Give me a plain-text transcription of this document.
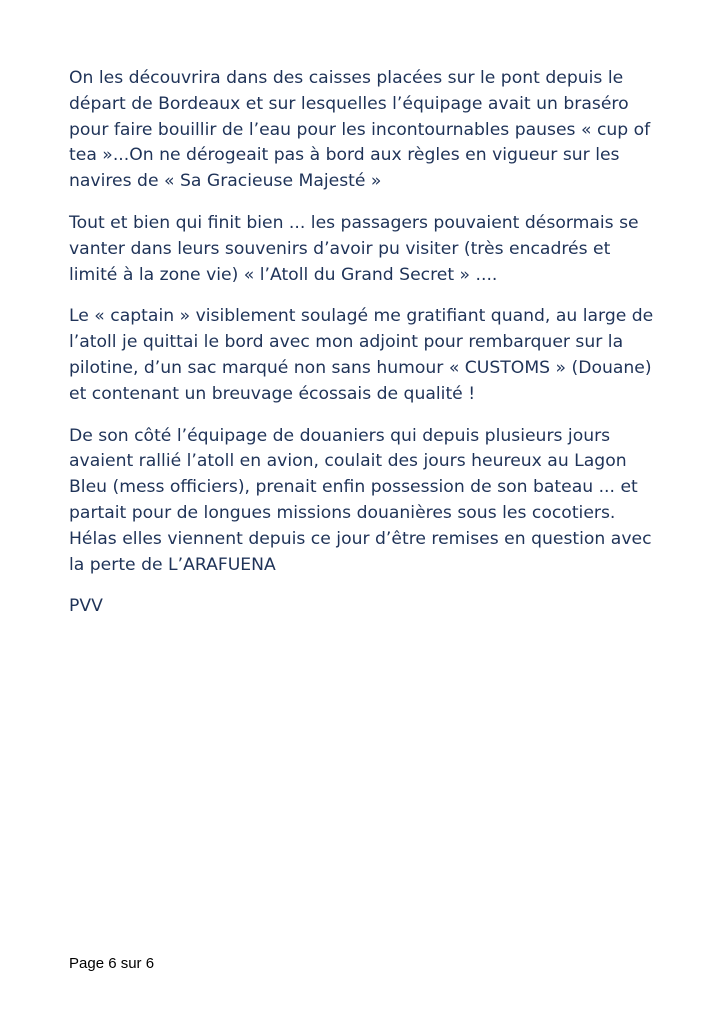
On les découvrira dans des caisses placées sur le pont depuis le
départ de Bordeaux et sur lesquelles l’équipage avait un braséro
pour faire bouillir de l’eau pour les incontournables pauses « cup of
tea »...On ne dérogeait pas à bord aux règles en vigueur sur les
navires de « Sa Gracieuse Majesté »

Tout et bien qui finit bien ... les passagers pouvaient désormais se
vanter dans leurs souvenirs d’avoir pu visiter (très encadrés et
limité à la zone vie) « l’Atoll du Grand Secret » ....

Le « captain » visiblement soulagé me gratifiant quand, au large de
l’atoll je quittai le bord avec mon adjoint pour rembarquer sur la
pilotine, d’un sac marqué non sans humour « CUSTOMS » (Douane)
et contenant un breuvage écossais de qualité !

De son côté l’équipage de douaniers qui depuis plusieurs jours
avaient rallié l’atoll en avion, coulait des jours heureux au Lagon
Bleu (mess officiers), prenait enfin possession de son bateau ... et
partait pour de longues missions douanières sous les cocotiers.
Hélas elles viennent depuis ce jour d’être remises en question avec
la perte de L’ARAFUENA

PVV

Page 6 sur 6
